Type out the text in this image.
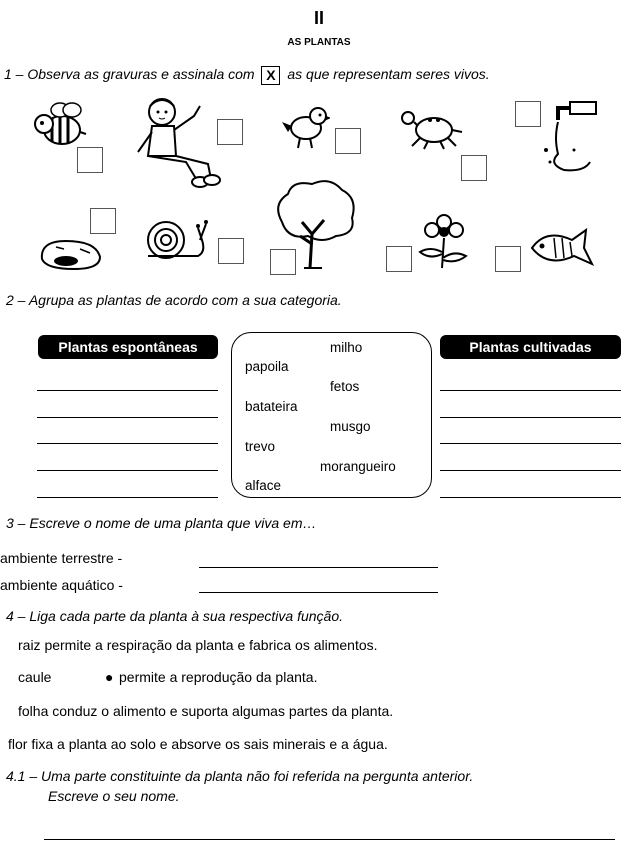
II
AS PLANTAS
1 – Observa as gravuras e assinala com X as que representam seres vivos.
2 – Agrupa as plantas de acordo com a sua categoria.
Plantas espontâneas	Plantas cultivadas
milho
papoila
fetos
batateira
musgo
trevo
morangueiro
alface
3 – Escreve o nome de uma planta que viva em…
ambiente terrestre -
ambiente aquático -
4 – Liga cada parte da planta à sua respectiva função.
raiz permite a respiração da planta e fabrica os alimentos.
caule	● permite a reprodução da planta.
folha conduz o alimento e suporta algumas partes da planta.
flor fixa a planta ao solo e absorve os sais minerais e a água.
4.1 – Uma parte constituinte da planta não foi referida na pergunta anterior.
Escreve o seu nome.
